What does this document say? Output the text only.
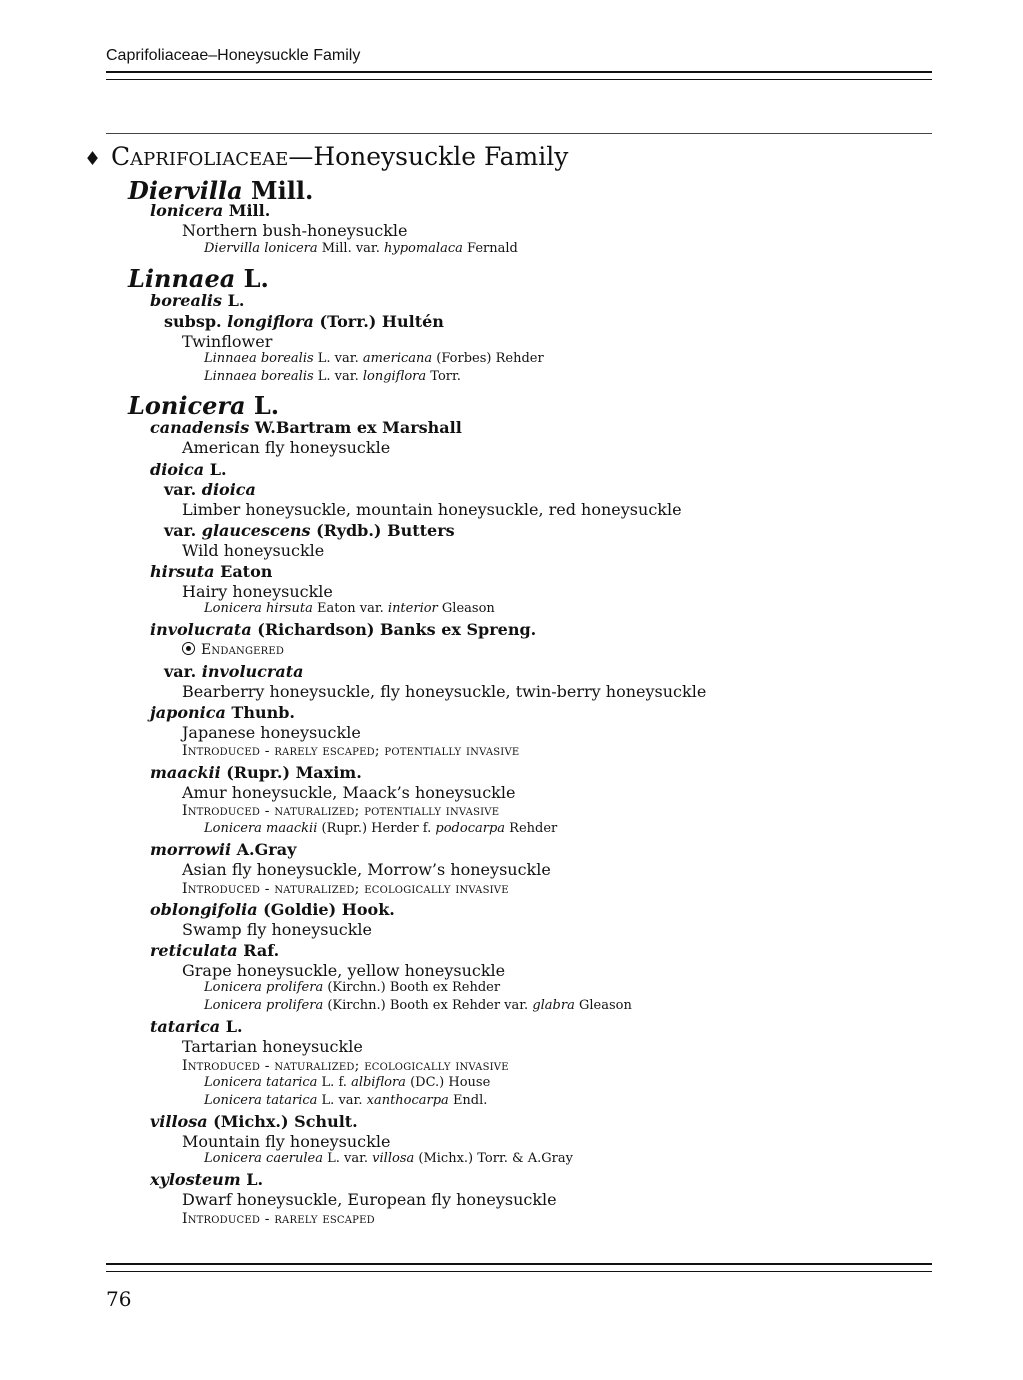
Caprifoliaceae–Honeysuckle Family
♦ Caprifoliaceae—Honeysuckle Family
Diervilla Mill.
lonicera Mill.
Northern bush-honeysuckle
Diervilla lonicera Mill. var. hypomalaca Fernald
Linnaea L.
borealis L.
subsp. longiflora (Torr.) Hultén
Twinflower
Linnaea borealis L. var. americana (Forbes) Rehder
Linnaea borealis L. var. longiflora Torr.
Lonicera L.
canadensis W.Bartram ex Marshall
American fly honeysuckle
dioica L.
var. dioica
Limber honeysuckle, mountain honeysuckle, red honeysuckle
var. glaucescens (Rydb.) Butters
Wild honeysuckle
hirsuta Eaton
Hairy honeysuckle
Lonicera hirsuta Eaton var. interior Gleason
involucrata (Richardson) Banks ex Spreng.
Endangered
var. involucrata
Bearberry honeysuckle, fly honeysuckle, twin-berry honeysuckle
japonica Thunb.
Japanese honeysuckle
Introduced - rarely escaped; potentially invasive
maackii (Rupr.) Maxim.
Amur honeysuckle, Maack’s honeysuckle
Introduced - naturalized; potentially invasive
Lonicera maackii (Rupr.) Herder f. podocarpa Rehder
morrowii A.Gray
Asian fly honeysuckle, Morrow’s honeysuckle
Introduced - naturalized; ecologically invasive
oblongifolia (Goldie) Hook.
Swamp fly honeysuckle
reticulata Raf.
Grape honeysuckle, yellow honeysuckle
Lonicera prolifera (Kirchn.) Booth ex Rehder
Lonicera prolifera (Kirchn.) Booth ex Rehder var. glabra Gleason
tatarica L.
Tartarian honeysuckle
Introduced - naturalized; ecologically invasive
Lonicera tatarica L. f. albiflora (DC.) House
Lonicera tatarica L. var. xanthocarpa Endl.
villosa (Michx.) Schult.
Mountain fly honeysuckle
Lonicera caerulea L. var. villosa (Michx.) Torr. & A.Gray
xylosteum L.
Dwarf honeysuckle, European fly honeysuckle
Introduced - rarely escaped
76
